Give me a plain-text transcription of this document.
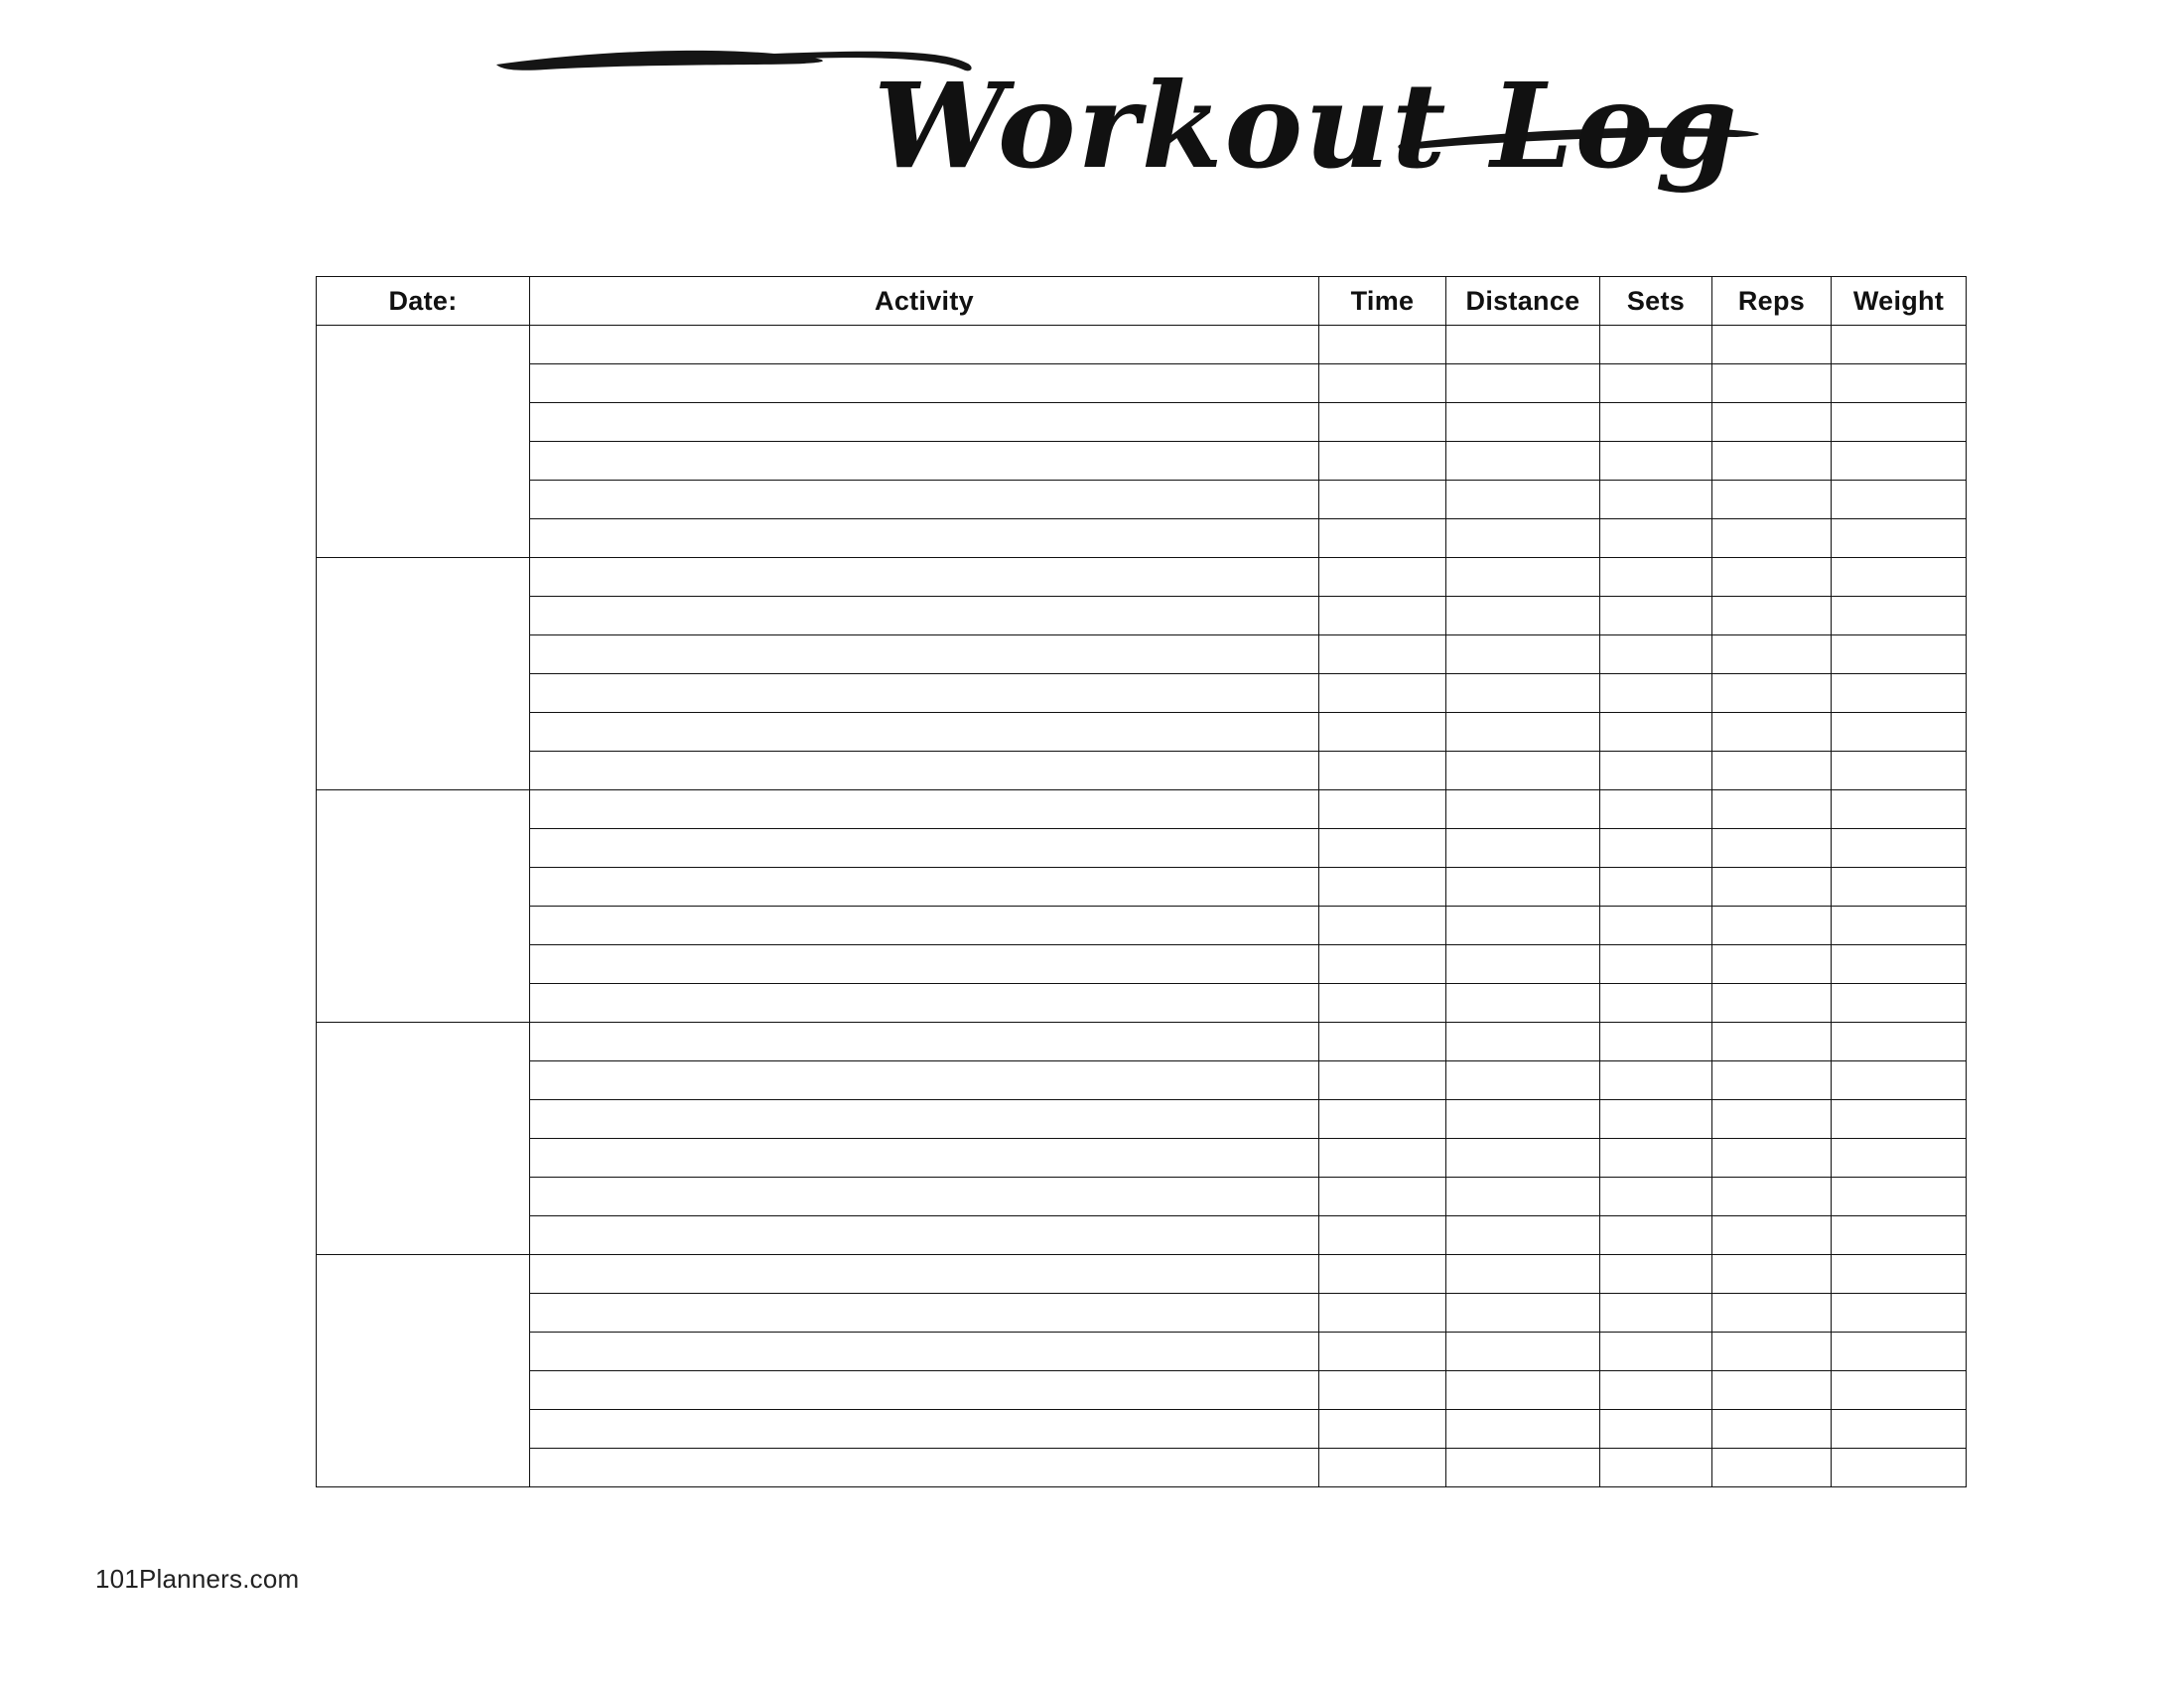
Workout Log
Date:	Activity	Time	Distance	Sets	Reps	Weight

101Planners.com
